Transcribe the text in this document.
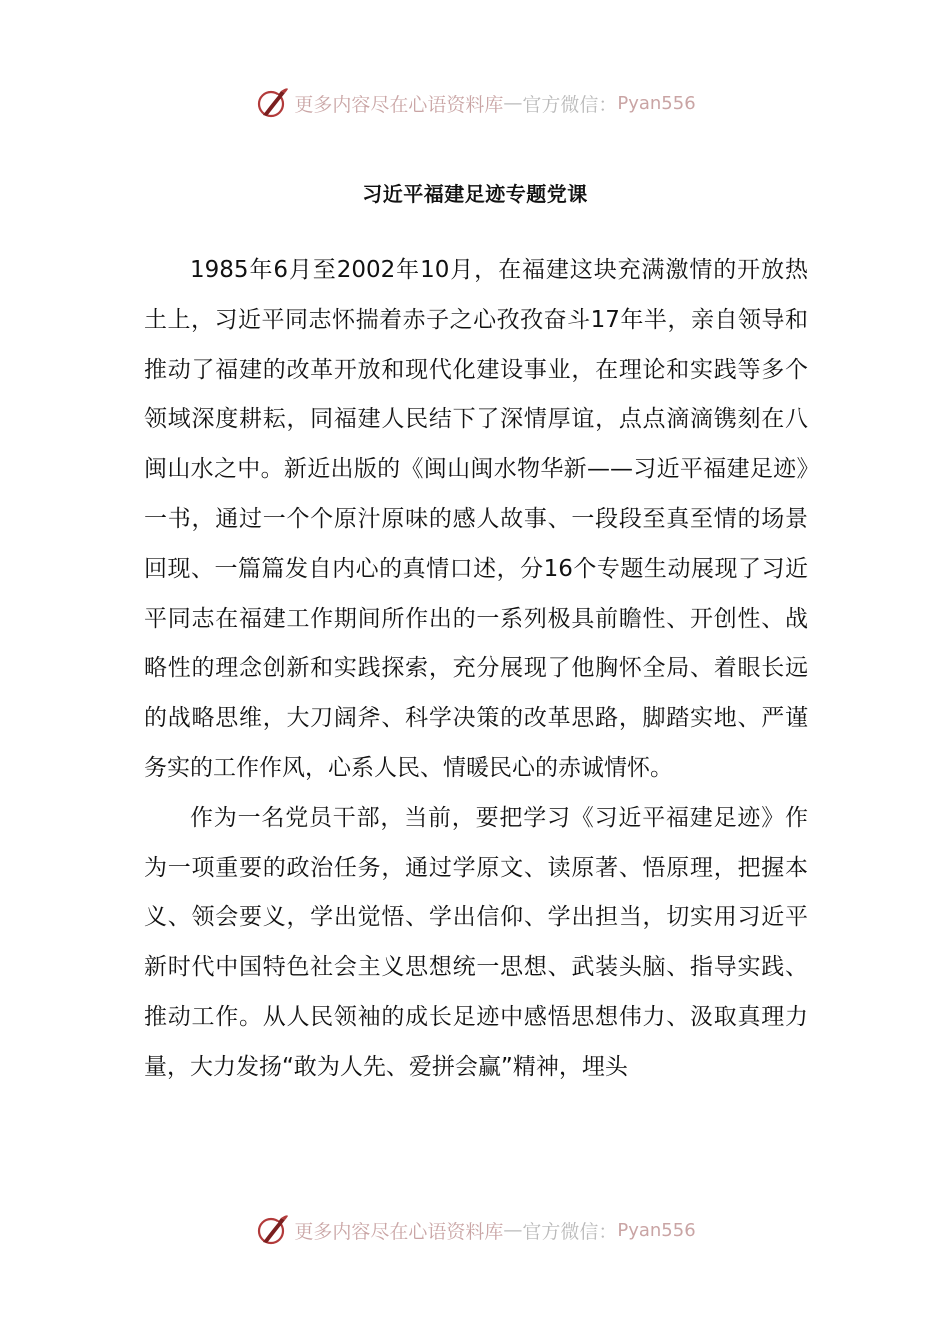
更多内容尽在心语资料库 — 官方微信： Pyan556
习近平福建足迹专题党课

1985年6月至2002年10月，在福建这块充满激情的开放热土上，习近平同志怀揣着赤子之心孜孜奋斗17年半，亲自领导和推动了福建的改革开放和现代化建设事业，在理论和实践等多个领域深度耕耘，同福建人民结下了深情厚谊，点点滴滴镌刻在八闽山水之中。新近出版的《闽山闽水物华新——习近平福建足迹》一书，通过一个个原汁原味的感人故事、一段段至真至情的场景回现、一篇篇发自内心的真情口述，分16个专题生动展现了习近平同志在福建工作期间所作出的一系列极具前瞻性、开创性、战略性的理念创新和实践探索，充分展现了他胸怀全局、着眼长远的战略思维，大刀阔斧、科学决策的改革思路，脚踏实地、严谨务实的工作作风，心系人民、情暖民心的赤诚情怀。

作为一名党员干部，当前，要把学习《习近平福建足迹》作为一项重要的政治任务，通过学原文、读原著、悟原理，把握本义、领会要义，学出觉悟、学出信仰、学出担当，切实用习近平新时代中国特色社会主义思想统一思想、武装头脑、指导实践、推动工作。从人民领袖的成长足迹中感悟思想伟力、汲取真理力量，大力发扬“敢为人先、爱拼会赢”精神，埋头

更多内容尽在心语资料库 — 官方微信： Pyan556
